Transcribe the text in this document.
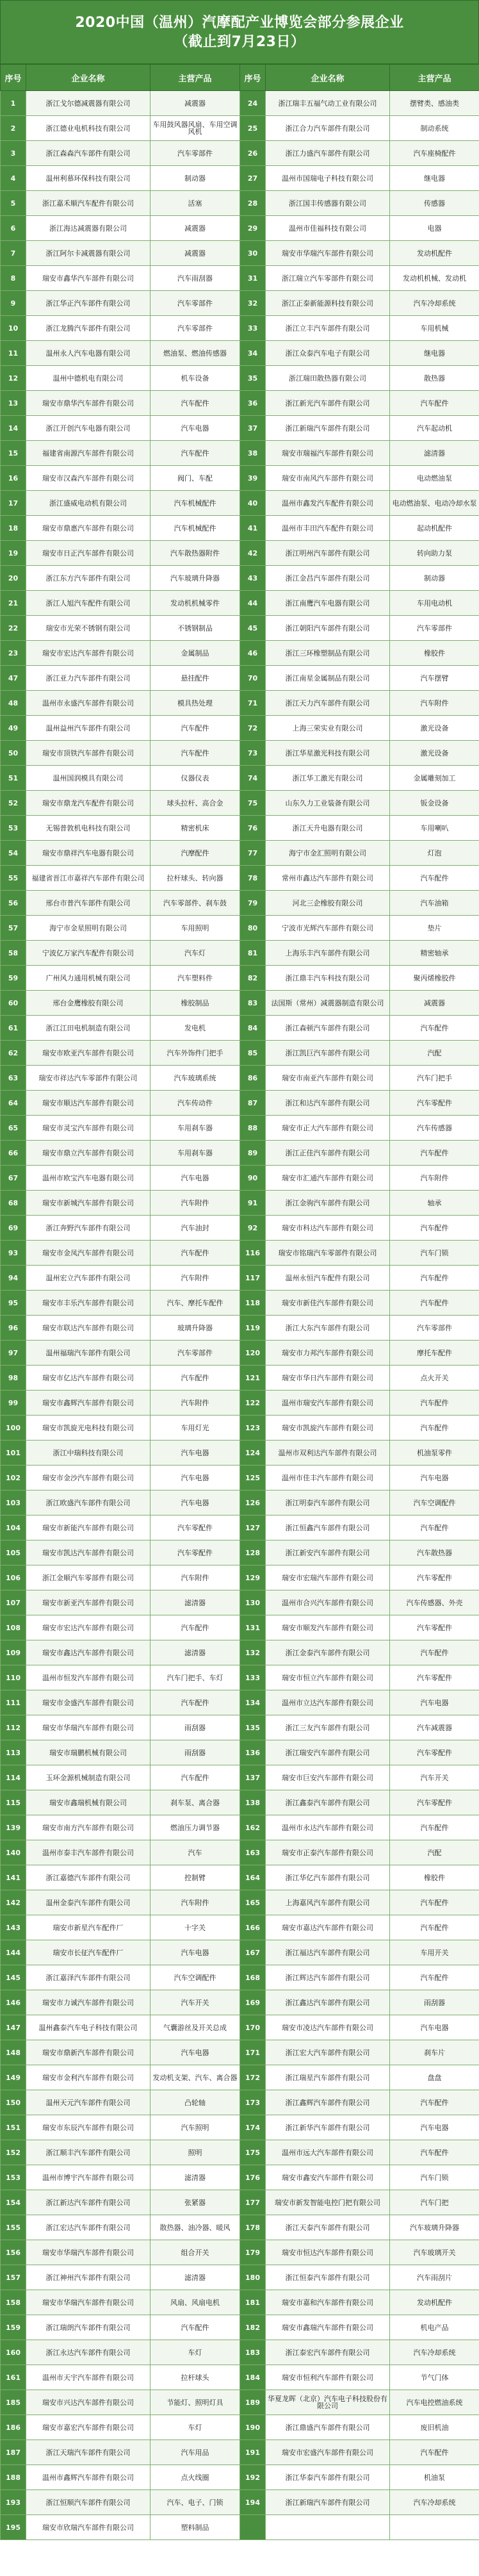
2020中国（温州）汽摩配产业博览会部分参展企业
（截止到7月23日）
序号	企业名称	主营产品	序号	企业名称	主营产品
1	浙江戈尔德减震器有限公司	减震器	24	浙江瑞丰五福气动工业有限公司	摆臂类、感油类
2	浙江德业电机科技有限公司	车用鼓风器风扇、车用空调风机	25	浙江合力汽车部件有限公司	制动系统
3	浙江森森汽车部件有限公司	汽车零部件	26	浙江力盛汽车部件有限公司	汽车座椅配件
4	温州利慕环保科技有限公司	制动器	27	温州市国瑞电子科技有限公司	继电器
5	浙江嘉禾顺汽车配件有限公司	活塞	28	浙江国丰传感器有限公司	传感器
6	浙江海达减震器有限公司	减震器	29	温州市佳福科技有限公司	电器
7	浙江阿尔卡减震器有限公司	减震器	30	瑞安市华瑞汽车部件有限公司	发动机配件
8	瑞安市鑫华汽车部件有限公司	汽车雨刮器	31	浙江瑞立汽车零部件有限公司	发动机机械、发动机
9	浙江华正汽车部件有限公司	汽车零部件	32	浙江正泰新能源科技有限公司	汽车冷却系统
10	浙江龙腾汽车部件有限公司	汽车零部件	33	浙江立丰汽车部件有限公司	车用机械
11	温州永人汽车电器有限公司	燃油泵、燃油传感器	34	浙江众泰汽车电子有限公司	继电器
12	温州中德机电有限公司	机车设备	35	浙江瑞田散热器有限公司	散热器
13	瑞安市鼎华汽车部件有限公司	汽车配件	36	浙江新光汽车部件有限公司	汽车配件
14	浙江开创汽车电器有限公司	汽车电器	37	浙江新瑞汽车部件有限公司	汽车起动机
15	福建省南源汽车部件有限公司	汽车配件	38	瑞安市瑞福汽车部件有限公司	滤清器
16	瑞安市汉森汽车部件有限公司	阀门、车配	39	瑞安市南风汽车部件有限公司	电动燃油泵
17	浙江盛威电动机有限公司	汽车机械配件	40	温州市鑫发汽车配件有限公司	电动燃油泵、电动冷却水泵
18	瑞安市鼎惠汽车部件有限公司	汽车机械配件	41	温州市丰田汽车配件有限公司	起动机配件
19	瑞安市日正汽车部件有限公司	汽车散热器附件	42	浙江明州汽车部件有限公司	转向助力泵
20	浙江东方汽车部件有限公司	汽车玻璃升降器	43	浙江金昌汽车部件有限公司	制动器
21	浙江人旭汽车配件有限公司	发动机机械零件	44	浙江南鹰汽车电器有限公司	车用电动机
22	瑞安市光荣不锈钢有限公司	不锈钢制品	45	浙江朝阳汽车部件有限公司	汽车零部件
23	瑞安市宏达汽车部件有限公司	金属制品	46	浙江三环橡塑制品有限公司	橡胶件
47	浙江亚力汽车部件有限公司	悬挂配件	70	浙江南星金属制品有限公司	汽车摆臂
48	温州市永盛汽车部件有限公司	模具热处理	71	浙江天力汽车部件有限公司	汽车附件
49	温州益州汽车部件有限公司	汽车配件	72	上海三荣实业有限公司	激光设备
50	瑞安市顶铁汽车部件有限公司	汽车配件	73	浙江华星激光科技有限公司	激光设备
51	温州国润模具有限公司	仪器仪表	74	浙江华工激光有限公司	金属雕刻加工
52	瑞安市鼎龙汽车配件有限公司	球头拉杆、高合金	75	山东久力工业装备有限公司	钣金设备
53	无锡普敦机电科技有限公司	精密机床	76	浙江天升电器有限公司	车用喇叭
54	瑞安市鼎祥汽车电器有限公司	汽摩配件	77	海宁市金汇照明有限公司	灯泡
55	福建省晋江市嘉祥汽车部件有限公司	拉杆球头、转向器	78	常州市鑫达汽车部件有限公司	汽车配件
56	邢台市普汽车部件有限公司	汽车零部件、刹车鼓	79	河北三企橡胶有限公司	汽车油箱
57	海宁市金星照明有限公司	车用照明	80	宁波市光辉汽车部件有限公司	垫片
58	宁波亿万家汽车配件有限公司	汽车灯	81	上海乐丰汽车部件有限公司	精密轴承
59	广州风力通用机械有限公司	汽车塑料件	82	浙江鼎丰汽车科技有限公司	聚丙烯橡胶件
60	邢台金鹰橡胶有限公司	橡胶制品	83	法国斯（常州）减震器制造有限公司	减震器
61	浙江江田电机制造有限公司	发电机	84	浙江森顿汽车部件有限公司	汽车配件
62	瑞安市欧亚汽车部件有限公司	汽车外饰件门把手	85	浙江凯巨汽车部件有限公司	汽配
63	瑞安市祥达汽车零部件有限公司	汽车玻璃系统	86	瑞安市南亚汽车部件有限公司	汽车门把手
64	瑞安市顺达汽车部件有限公司	汽车传动件	87	浙江和达汽车部件有限公司	汽车零配件
65	瑞安市灵宝汽车部件有限公司	车用刹车器	88	瑞安市正大汽车部件有限公司	汽车传感器
66	瑞安市鼎立汽车部件有限公司	车用刹车器	89	浙江正佳汽车部件有限公司	汽车配件
67	温州市欧宝汽车电器有限公司	汽车电器	90	瑞安市汇通汽车部件有限公司	汽车附件
68	瑞安市新城汽车部件有限公司	汽车附件	91	浙江金驹汽车部件有限公司	轴承
69	浙江奔野汽车部件有限公司	汽车油封	92	瑞安市科达汽车部件有限公司	汽车配件
93	瑞安市金凤汽车部件有限公司	汽车配件	116	瑞安市铭瑞汽车零部件有限公司	汽车门锁
94	温州宏立汽车部件有限公司	汽车附件	117	温州永恒汽车配件有限公司	汽车配件
95	瑞安市丰乐汽车部件有限公司	汽车、摩托车配件	118	瑞安市新佳汽车部件有限公司	汽车配件
96	瑞安市联达汽车部件有限公司	玻璃升降器	119	浙江大东汽车部件有限公司	汽车零部件
97	温州福瑞汽车部件有限公司	汽车零部件	120	瑞安市力邦汽车部件有限公司	摩托车配件
98	瑞安市亿达汽车部件有限公司	汽车配件	121	瑞安市华日汽车部件有限公司	点火开关
99	瑞安市鑫辉汽车部件有限公司	汽车附件	122	温州市瑞安汽车部件有限公司	汽车配件
100	瑞安市凯旋光电科技有限公司	车用灯光	123	瑞安市凯旋汽车部件有限公司	汽车配件
101	浙江中瑞科技有限公司	汽车电器	124	温州市双利达汽车部件有限公司	机油泵零件
102	瑞安市金沙汽车部件有限公司	汽车电器	125	温州市佳丰汽车部件有限公司	汽车电器
103	浙江欧盛汽车部件有限公司	汽车电器	126	浙江明泰汽车部件有限公司	汽车空调配件
104	瑞安市新能汽车部件有限公司	汽车零配件	127	浙江恒鑫汽车部件有限公司	汽车配件
105	瑞安市凯达汽车部件有限公司	汽车零配件	128	浙江新安汽车部件有限公司	汽车散热器
106	浙江金顺汽车零部件有限公司	汽车附件	129	瑞安市宏瑞汽车部件有限公司	汽车零配件
107	瑞安市新亚汽车部件有限公司	滤清器	130	温州市合兴汽车部件有限公司	汽车传感器、外壳
108	瑞安市宏达汽车部件有限公司	汽车配件	131	瑞安市顺发汽车部件有限公司	汽车零配件
109	瑞安市鑫达汽车部件有限公司	滤清器	132	浙江金泰汽车部件有限公司	汽车配件
110	温州市恒发汽车部件有限公司	汽车门把手、车灯	133	瑞安市恒立汽车部件有限公司	汽车零配件
111	瑞安市金盛汽车部件有限公司	汽车配件	134	温州市立达汽车部件有限公司	汽车电器
112	瑞安市华瑞汽车部件有限公司	雨刮器	135	浙江三友汽车部件有限公司	汽车减震器
113	瑞安市瑞鹏机械有限公司	雨刮器	136	浙江瑞安汽车部件有限公司	汽车零配件
114	玉环金源机械制造有限公司	汽车配件	137	瑞安市巨安汽车部件有限公司	汽车开关
115	瑞安市鑫瑞机械有限公司	刹车泵、离合器	138	浙江鑫泰汽车部件有限公司	汽车零配件
139	瑞安市南方汽车部件有限公司	燃油压力调节器	162	温州市永达汽车部件有限公司	汽车配件
140	温州市泰丰汽车部件有限公司	汽车	163	瑞安市正泰汽车部件有限公司	汽配
141	浙江嘉德汽车部件有限公司	控制臂	164	浙江华亿汽车部件有限公司	橡胶件
142	温州金泰汽车部件有限公司	汽车附件	165	上海嘉风汽车部件有限公司	汽车配件
143	瑞安市新星汽车配件厂	十字关	166	瑞安市嘉达汽车部件有限公司	汽车配件
144	瑞安市长征汽车配件厂	汽车电器	167	浙江福达汽车部件有限公司	车用开关
145	浙江嘉泽汽车部件有限公司	汽车空调配件	168	浙江辉达汽车部件有限公司	汽车配件
146	瑞安市力诚汽车部件有限公司	汽车开关	169	浙江鑫达汽车部件有限公司	雨刮器
147	温州鑫泰汽车电子科技有限公司	气囊游丝及开关总成	170	瑞安市凌达汽车部件有限公司	汽车电器
148	瑞安市鼎新汽车部件有限公司	汽车电器	171	浙江宏大汽车部件有限公司	刹车片
149	瑞安市金利汽车部件有限公司	发动机支架、汽车、离合器	172	浙江瑞星汽车部件有限公司	盘盘
150	温州天元汽车部件有限公司	凸轮轴	173	浙江鑫辉汽车部件有限公司	汽车配件
151	瑞安市东辰汽车部件有限公司	汽车照明	174	浙江新华汽车部件有限公司	汽车电器
152	浙江顺丰汽车部件有限公司	照明	175	温州市远大汽车部件有限公司	汽车配件
153	温州市博宇汽车部件有限公司	滤清器	176	瑞安市鑫安汽车部件有限公司	汽车门锁
154	浙江新达汽车部件有限公司	张紧器	177	瑞安市新发智能电控门把有限公司	汽车门把
155	浙江宏达汽车部件有限公司	散热器、油冷器、暖风	178	浙江天泰汽车部件有限公司	汽车玻璃升降器
156	瑞安市华瑞汽车部件有限公司	组合开关	179	瑞安市恒达汽车部件有限公司	汽车玻璃开关
157	浙江神州汽车部件有限公司	滤清器	180	浙江恒泰汽车部件有限公司	汽车雨刮片
158	瑞安市华瑞汽车部件有限公司	风扇、风扇电机	181	瑞安市嘉和汽车部件有限公司	发动机配件
159	浙江瑞朗汽车部件有限公司	汽车配件	182	瑞安市鑫瑞汽车部件有限公司	机电产品
160	浙江永达汽车部件有限公司	车灯	183	浙江泰宏汽车部件有限公司	汽车冷却系统
161	温州市天宇汽车部件有限公司	拉杆球头	184	瑞安市恒利汽车部件有限公司	节气门体
185	瑞安市兴达汽车部件有限公司	节能灯、照明灯具	189	华夏龙晖（北京）汽车电子科技股份有限公司	汽车电控燃油系统
186	瑞安市嘉宏汽车部件有限公司	车灯	190	浙江鼎盛汽车部件有限公司	废旧机油
187	浙江天瑞汽车部件有限公司	汽车用品	191	瑞安市宏盛汽车部件有限公司	汽车配件
188	温州市鑫辉汽车部件有限公司	点火线圈	192	浙江华泰汽车部件有限公司	机油泵
193	浙江恒顺汽车部件有限公司	汽车、电子、门锁	194	浙江新瑞汽车部件有限公司	汽车冷却系统
195	瑞安市欣瑞汽车部件有限公司	塑料制品			
